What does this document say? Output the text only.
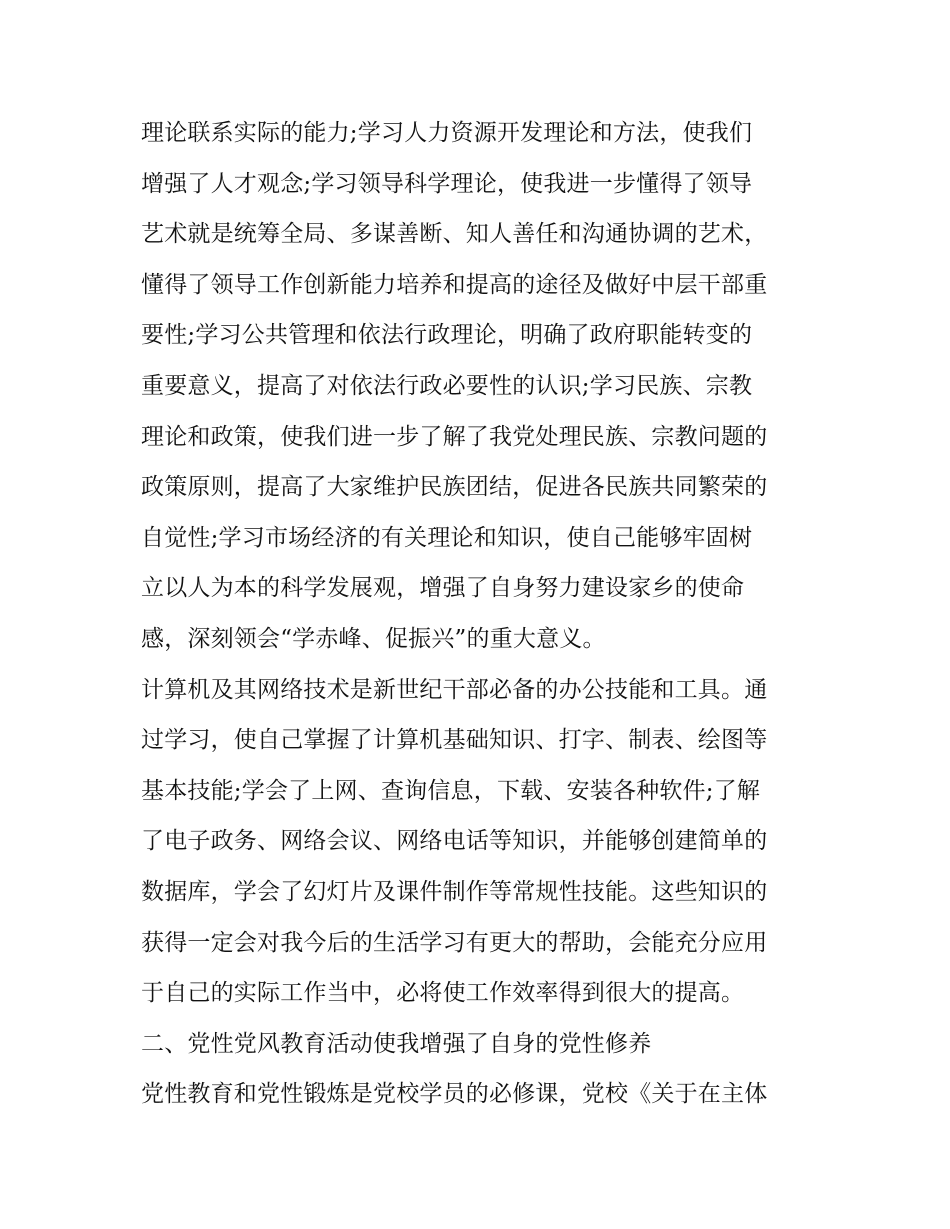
理论联系实际的能力;学习人力资源开发理论和方法，使我们
增强了人才观念;学习领导科学理论，使我进一步懂得了领导
艺术就是统筹全局、多谋善断、知人善任和沟通协调的艺术，
懂得了领导工作创新能力培养和提高的途径及做好中层干部重
要性;学习公共管理和依法行政理论，明确了政府职能转变的
重要意义，提高了对依法行政必要性的认识;学习民族、宗教
理论和政策，使我们进一步了解了我党处理民族、宗教问题的
政策原则，提高了大家维护民族团结，促进各民族共同繁荣的
自觉性;学习市场经济的有关理论和知识，使自己能够牢固树
立以人为本的科学发展观，增强了自身努力建设家乡的使命
感，深刻领会“学赤峰、促振兴”的重大意义。
计算机及其网络技术是新世纪干部必备的办公技能和工具。通
过学习，使自己掌握了计算机基础知识、打字、制表、绘图等
基本技能;学会了上网、查询信息，下载、安装各种软件;了解
了电子政务、网络会议、网络电话等知识，并能够创建简单的
数据库，学会了幻灯片及课件制作等常规性技能。这些知识的
获得一定会对我今后的生活学习有更大的帮助，会能充分应用
于自己的实际工作当中，必将使工作效率得到很大的提高。
二、党性党风教育活动使我增强了自身的党性修养
党性教育和党性锻炼是党校学员的必修课，党校《关于在主体
